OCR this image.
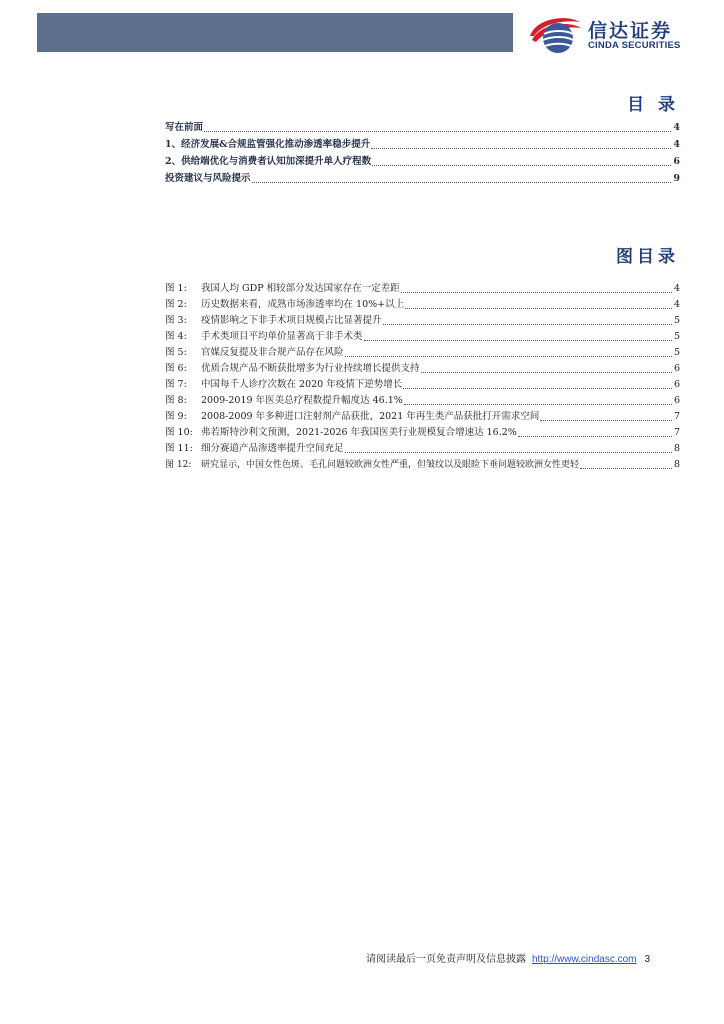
信达证券
CINDA SECURITIES
目 录
写在前面	4
1、经济发展&合规监管强化推动渗透率稳步提升	4
2、供给端优化与消费者认知加深提升单人疗程数	6
投资建议与风险提示	9
图目录
图 1: 我国人均 GDP 相较部分发达国家存在一定差距	4
图 2: 历史数据来看，成熟市场渗透率均在 10%+以上	4
图 3: 疫情影响之下非手术项目规模占比显著提升	5
图 4: 手术类项目平均单价显著高于非手术类	5
图 5: 官媒反复提及非合规产品存在风险	5
图 6: 优质合规产品不断获批增多为行业持续增长提供支持	6
图 7: 中国每千人诊疗次数在 2020 年疫情下逆势增长	6
图 8: 2009-2019 年医美总疗程数提升幅度达 46.1%	6
图 9: 2008-2009 年多种进口注射剂产品获批，2021 年再生类产品获批打开需求空间	7
图 10: 弗若斯特沙利文预测，2021-2026 年我国医美行业规模复合增速达 16.2%	7
图 11: 细分赛道产品渗透率提升空间充足	8
图 12: 研究显示，中国女性色斑、毛孔问题较欧洲女性严重，但皱纹以及眼睑下垂问题较欧洲女性更轻	8
请阅读最后一页免责声明及信息披露 http://www.cindasc.com 3
